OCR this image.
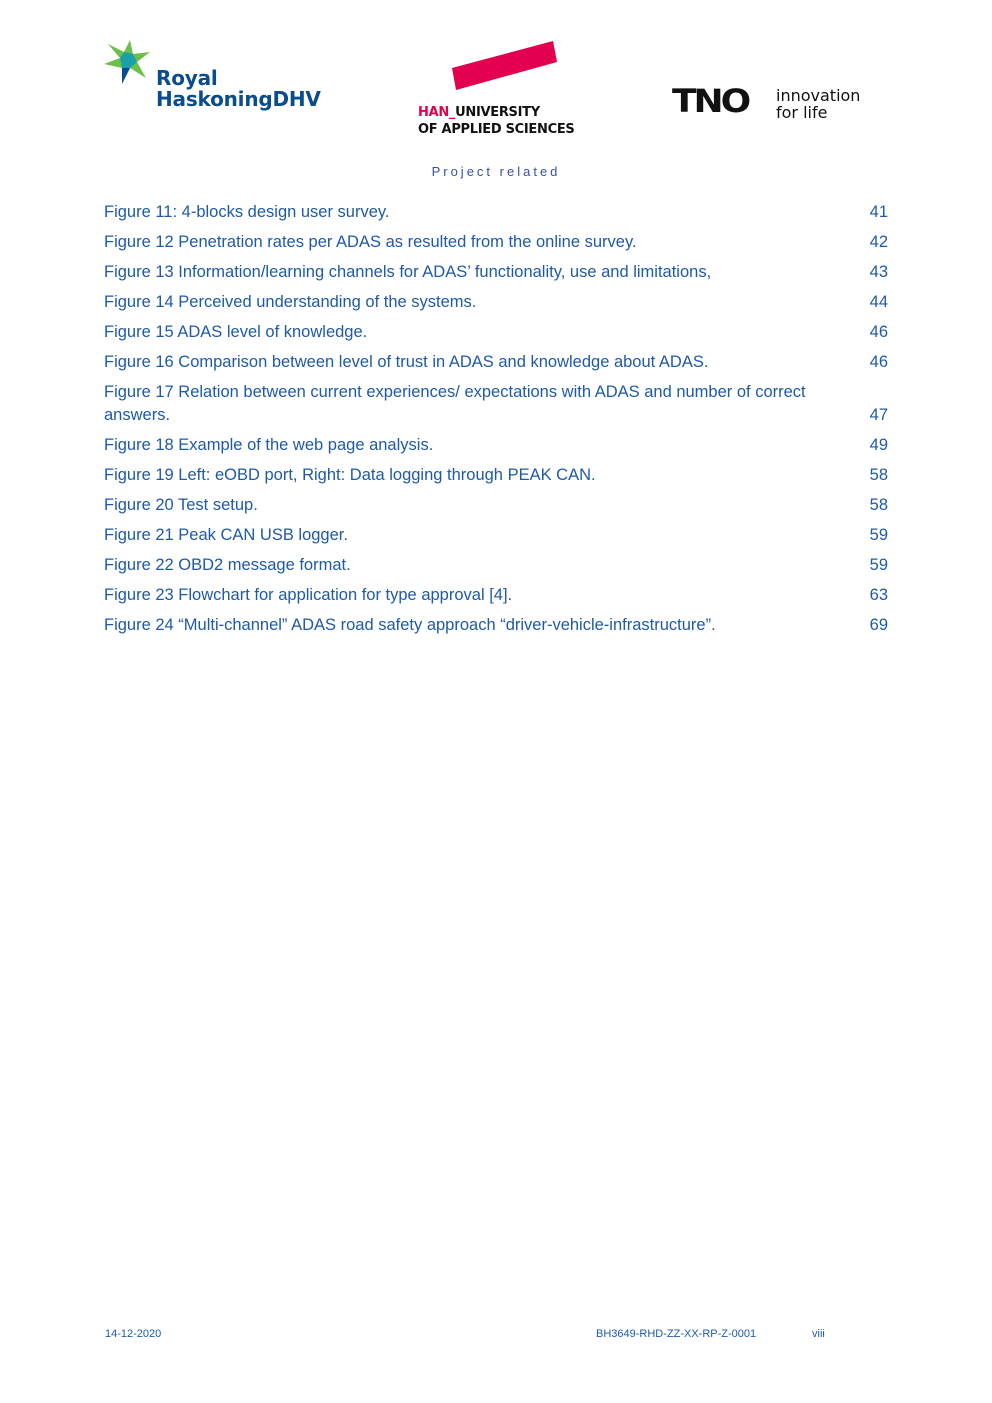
Royal
HaskoningDHV
HAN_UNIVERSITY
OF APPLIED SCIENCES
TNO innovation
for life
Project related
Figure 11: 4-blocks design user survey.	41
Figure 12 Penetration rates per ADAS as resulted from the online survey.	42
Figure 13 Information/learning channels for ADAS’ functionality, use and limitations,	43
Figure 14 Perceived understanding of the systems.	44
Figure 15 ADAS level of knowledge.	46
Figure 16 Comparison between level of trust in ADAS and knowledge about ADAS.	46
Figure 17 Relation between current experiences/ expectations with ADAS and number of correct answers.	47
Figure 18 Example of the web page analysis.	49
Figure 19 Left: eOBD port, Right: Data logging through PEAK CAN.	58
Figure 20 Test setup.	58
Figure 21 Peak CAN USB logger.	59
Figure 22 OBD2 message format.	59
Figure 23 Flowchart for application for type approval [4].	63
Figure 24 “Multi-channel” ADAS road safety approach “driver-vehicle-infrastructure”.	69
14-12-2020	BH3649-RHD-ZZ-XX-RP-Z-0001	viii
